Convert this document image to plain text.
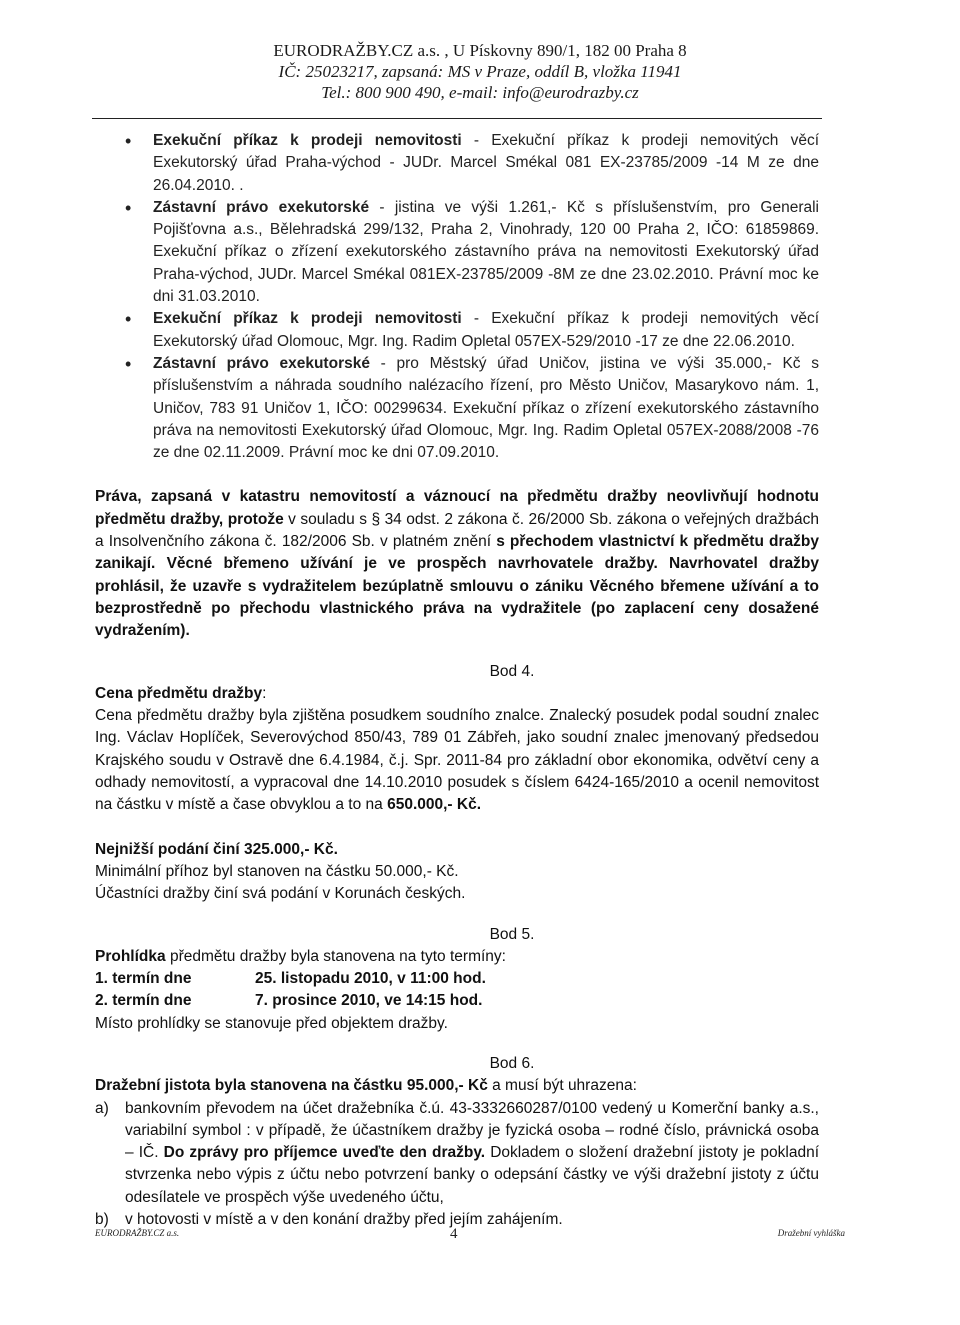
EURODRAŽBY.CZ a.s. , U Pískovny 890/1, 182 00 Praha 8
IČ: 25023217, zapsaná: MS v Praze, oddíl B, vložka 11941
Tel.: 800 900 490, e-mail: info@eurodrazby.cz
• Exekuční příkaz k prodeji nemovitosti - Exekuční příkaz k prodeji nemovitých věcí Exekutorský úřad Praha-východ - JUDr. Marcel Smékal 081 EX-23785/2009 -14 M ze dne 26.04.2010. .
• Zástavní právo exekutorské - jistina ve výši 1.261,- Kč s příslušenstvím, pro Generali Pojišťovna a.s., Bělehradská 299/132, Praha 2, Vinohrady, 120 00 Praha 2, IČO: 61859869. Exekuční příkaz o zřízení exekutorského zástavního práva na nemovitosti Exekutorský úřad Praha-východ, JUDr. Marcel Smékal 081EX-23785/2009 -8M ze dne 23.02.2010. Právní moc ke dni 31.03.2010.
• Exekuční příkaz k prodeji nemovitosti - Exekuční příkaz k prodeji nemovitých věcí Exekutorský úřad Olomouc, Mgr. Ing. Radim Opletal 057EX-529/2010 -17 ze dne 22.06.2010.
• Zástavní právo exekutorské - pro Městský úřad Uničov, jistina ve výši 35.000,- Kč s příslušenstvím a náhrada soudního nalézacího řízení, pro Město Uničov, Masarykovo nám. 1, Uničov, 783 91 Uničov 1, IČO: 00299634. Exekuční příkaz o zřízení exekutorského zástavního práva na nemovitosti Exekutorský úřad Olomouc, Mgr. Ing. Radim Opletal 057EX-2088/2008 -76 ze dne 02.11.2009. Právní moc ke dni 07.09.2010.

Práva, zapsaná v katastru nemovitostí a váznoucí na předmětu dražby neovlivňují hodnotu předmětu dražby, protože v souladu s § 34 odst. 2 zákona č. 26/2000 Sb. zákona o veřejných dražbách a Insolvenčního zákona č. 182/2006 Sb. v platném znění s přechodem vlastnictví k předmětu dražby zanikají. Věcné břemeno užívání je ve prospěch navrhovatele dražby. Navrhovatel dražby prohlásil, že uzavře s vydražitelem bezúplatně smlouvu o zániku Věcného břemene užívání a to bezprostředně po přechodu vlastnického práva na vydražitele (po zaplacení ceny dosažené vydražením).

Bod 4.

Cena předmětu dražby:

Cena předmětu dražby byla zjištěna posudkem soudního znalce. Znalecký posudek podal soudní znalec Ing. Václav Hoplíček, Severovýchod 850/43, 789 01 Zábřeh, jako soudní znalec jmenovaný předsedou Krajského soudu v Ostravě dne 6.4.1984, č.j. Spr. 2011-84 pro základní obor ekonomika, odvětví ceny a odhady nemovitostí, a vypracoval dne 14.10.2010 posudek s číslem 6424-165/2010 a ocenil nemovitost na částku v místě a čase obvyklou a to na 650.000,- Kč.

Nejnižší podání činí 325.000,- Kč.

Minimální příhoz byl stanoven na částku 50.000,- Kč.

Účastníci dražby činí svá podání v Korunách českých.

Bod 5.

Prohlídka předmětu dražby byla stanovena na tyto termíny:

1. termín dne	25. listopadu 2010, v 11:00 hod.
2. termín dne	7. prosince 2010, ve 14:15 hod.

Místo prohlídky se stanovuje před objektem dražby.

Bod 6.

Dražební jistota byla stanovena na částku 95.000,- Kč a musí být uhrazena:

a)	bankovním převodem na účet dražebníka č.ú. 43-3332660287/0100 vedený u Komerční banky a.s., variabilní symbol : v případě, že účastníkem dražby je fyzická osoba – rodné číslo, právnická osoba – IČ. Do zprávy pro příjemce uveďte den dražby. Dokladem o složení dražební jistoty je pokladní stvrzenka nebo výpis z účtu nebo potvrzení banky o odepsání částky ve výši dražební jistoty z účtu odesílatele ve prospěch výše uvedeného účtu,

b)	v hotovosti v místě a v den konání dražby před jejím zahájením.

EURODRAŽBY.CZ a.s.	4	Dražební vyhláška
